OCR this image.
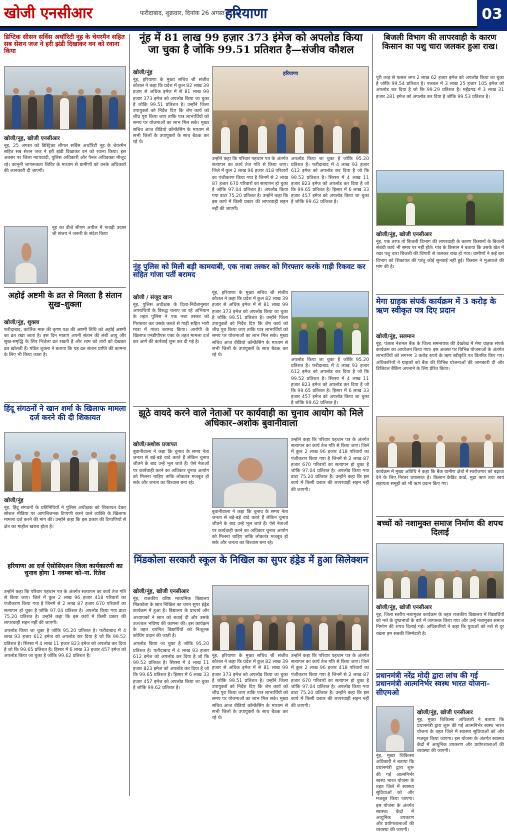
खोजी एनसीआर	फरीदाबाद, शुक्रवार, दिनांक 26 अगस्त 2021
हरियाणा	03
डिप्टिक सीसन सर्विस अथॉरिटी नूह के चेयरमैन सहित सब सेशन जज ने हरी झंडी दिखाकर वन को रवाना किया
खोजी/नूह, खोजी एनसीआर
नूह, 25 अगस्त को डिस्ट्रिक्ट लीगल सर्विस अथॉरिटी नूह के चेयरमैन सहित सब सेशन जज ने हरी झंडी दिखाकर वन को रवाना किया। इस अवसर पर जिला न्यायवादी, पुलिस अधिकारी और पैनल अधिवक्ता मौजूद रहे। कानूनी जागरूकता शिविर के माध्यम से ग्रामीणों को उनके अधिकारों की जानकारी दी जाएगी।
नूह का डीजे सीएम अपील मैं गावड़ी उदास श्री संजय ने जरूरी के संदेश किया
अहोई अष्टमी के व्रत से मिलता है संतान सुख–शुक्ला
खोजी/नूंह, शुक्ला
फरीदाबाद, कार्तिक मास की कृष्ण पक्ष की अष्टमी तिथि को अहोई अष्टमी का व्रत रखा जाता है। इस दिन माताएं अपनी संतान की लंबी आयु और सुख-समृद्धि के लिए निर्जला व्रत रखती हैं और शाम को तारों को देखकर व्रत खोलती हैं। पंडित शुक्ला ने बताया कि यह व्रत संतान प्राप्ति की कामना के लिए भी किया जाता है।
हिंदू संगठनों ने खान शर्मा के खिलाफ मामला दर्ज करने की दी शिकायत
खोजी/नूंह
नूंह, हिंदू संगठनों के प्रतिनिधियों ने पुलिस अधीक्षक को शिकायत देकर सोशल मीडिया पर आपत्तिजनक टिप्पणी करने वाले व्यक्ति के खिलाफ मामला दर्ज करने की मांग की। उन्होंने कहा कि इस प्रकार की टिप्पणियों से क्षेत्र का माहौल खराब होता है।
हरियाणा आ दर्ज ऐसोसिएशन जिला कार्यकारणी का चुनाव होगा 1 नवम्बर को–ना. रितेश
उन्होंने कहा कि परिवार पहचान पत्र के अंतर्गत सत्यापन का कार्य तेज गति से किया जाए। जिले में कुल 2 लाख 96 हजार 418 परिवारों का पंजीकरण किया गया है जिनमें से 2 लाख 87 हजार 670 परिवारों का सत्यापन हो चुका है जोकि 97.04 प्रतिशत है। अपलोड किया गया डाटा 75.20 प्रतिशत है। उन्होंने कहा कि इस कार्य में किसी प्रकार की लापरवाही सहन नहीं की जाएगी।
अपलोड किया जा चुका है जोकि 95.20 प्रतिशत है। फरीदाबाद में 4 लाख 93 हजार 612 इमेज को अपलोड कर दिया है जो कि 99.52 प्रतिशत है। सिरसा में 4 लाख 11 हजार 823 इमेज को अपलोड कर दिया है जो कि 99.65 प्रतिशत है। हिसार में 6 लाख 33 हजार 457 इमेज को अपलोड किया जा चुका है जोकि 99.62 प्रतिशत है।
नूंह में 81 लाख 99 हज़ार 373 इंमेज को अपलोड किया जा चुका है जोकि 99.51 प्रतिशत है—संजीव कौशल
खोजी/नूंह
नूंह, हरियाणा के मुख्य सचिव श्री संजीव कौशल ने कहा कि प्रदेश में कुल 82 लाख 39 हजार से अधिक इमेज में से 81 लाख 99 हजार 373 इमेज को अपलोड किया जा चुका है जोकि 99.51 प्रतिशत है। उन्होंने जिला उपायुक्तों को निर्देश दिए कि शेष कार्य को शीघ्र पूरा किया जाए ताकि पात्र लाभार्थियों को समय पर योजनाओं का लाभ मिल सके। मुख्य सचिव आज वीडियो कॉन्फ्रेंसिंग के माध्यम से सभी जिलों के उपायुक्तों के साथ बैठक कर रहे थे।
हरियाणा
उन्होंने कहा कि परिवार पहचान पत्र के अंतर्गत सत्यापन का कार्य तेज गति से किया जाए। जिले में कुल 2 लाख 96 हजार 418 परिवारों का पंजीकरण किया गया है जिनमें से 2 लाख 87 हजार 670 परिवारों का सत्यापन हो चुका है जोकि 97.04 प्रतिशत है। अपलोड किया गया डाटा 75.20 प्रतिशत है। उन्होंने कहा कि इस कार्य में किसी प्रकार की लापरवाही सहन नहीं की जाएगी।
अपलोड किया जा चुका है जोकि 95.20 प्रतिशत है। फरीदाबाद में 4 लाख 93 हजार 612 इमेज को अपलोड कर दिया है जो कि 99.52 प्रतिशत है। सिरसा में 4 लाख 11 हजार 823 इमेज को अपलोड कर दिया है जो कि 99.65 प्रतिशत है। हिसार में 6 लाख 33 हजार 457 इमेज को अपलोड किया जा चुका है जोकि 99.62 प्रतिशत है।
नूंह पुलिस को मिली बड़ी कामयाबी, एक नाबा तस्कर को गिरफ्तार करके गाड़ी रिकवट कर सहित गांजा पर्ती बरामद
खोजी / संजूद खान
नूंह, पुलिस अधीक्षक के दिशा-निर्देशानुसार अपराधियों के विरुद्ध चलाए जा रहे अभियान के तहत पुलिस ने एक नशा तस्कर को गिरफ्तार कर उसके कब्जे से गाड़ी सहित भारी मात्रा में गांजा बरामद किया। आरोपी के खिलाफ एनडीपीएस एक्ट के तहत मामला दर्ज कर आगे की कार्रवाई शुरू कर दी गई है।
नूंह, हरियाणा के मुख्य सचिव श्री संजीव कौशल ने कहा कि प्रदेश में कुल 82 लाख 39 हजार से अधिक इमेज में से 81 लाख 99 हजार 373 इमेज को अपलोड किया जा चुका है जोकि 99.51 प्रतिशत है। उन्होंने जिला उपायुक्तों को निर्देश दिए कि शेष कार्य को शीघ्र पूरा किया जाए ताकि पात्र लाभार्थियों को समय पर योजनाओं का लाभ मिल सके। मुख्य सचिव आज वीडियो कॉन्फ्रेंसिंग के माध्यम से सभी जिलों के उपायुक्तों के साथ बैठक कर रहे थे।
अपलोड किया जा चुका है जोकि 95.20 प्रतिशत है। फरीदाबाद में 4 लाख 93 हजार 612 इमेज को अपलोड कर दिया है जो कि 99.52 प्रतिशत है। सिरसा में 4 लाख 11 हजार 823 इमेज को अपलोड कर दिया है जो कि 99.65 प्रतिशत है। हिसार में 6 लाख 33 हजार 457 इमेज को अपलोड किया जा चुका है जोकि 99.62 प्रतिशत है।
झूठे वायदे करने वाले नेताओं पर कार्यवाही का चुनाव आयोग को मिले अधिकार–अशोक बुवानीवाला
खोजी/अशोक प्रजापत
बुवानीवाला ने कहा कि चुनाव के समय नेता जनता से बड़े-बड़े वादे करते हैं लेकिन चुनाव जीतने के बाद उन्हें भूल जाते हैं। ऐसे नेताओं पर कार्यवाही करने का अधिकार चुनाव आयोग को मिलना चाहिए ताकि लोकतंत्र मजबूत हो सके और जनता का विश्वास बना रहे।
बुवानीवाला ने कहा कि चुनाव के समय नेता जनता से बड़े-बड़े वादे करते हैं लेकिन चुनाव जीतने के बाद उन्हें भूल जाते हैं। ऐसे नेताओं पर कार्यवाही करने का अधिकार चुनाव आयोग को मिलना चाहिए ताकि लोकतंत्र मजबूत हो सके और जनता का विश्वास बना रहे।
उन्होंने कहा कि परिवार पहचान पत्र के अंतर्गत सत्यापन का कार्य तेज गति से किया जाए। जिले में कुल 2 लाख 96 हजार 418 परिवारों का पंजीकरण किया गया है जिनमें से 2 लाख 87 हजार 670 परिवारों का सत्यापन हो चुका है जोकि 97.04 प्रतिशत है। अपलोड किया गया डाटा 75.20 प्रतिशत है। उन्होंने कहा कि इस कार्य में किसी प्रकार की लापरवाही सहन नहीं की जाएगी।
मिंडकोला सरकारी स्कूल के निखिल का सुपर हंड्रेड में हुआ सिलेक्शन
खोजी/नूंह, खोजी एनसीआर
नूंह, राजकीय वरिष्ठ माध्यमिक विद्यालय मिंडकोला के छात्र निखिल का चयन सुपर हंड्रेड कार्यक्रम में हुआ है। विद्यालय के प्राचार्य और अध्यापकों ने छात्र को बधाई दी और उसके उज्ज्वल भविष्य की कामना की। इस कार्यक्रम के तहत चयनित विद्यार्थियों को निःशुल्क कोचिंग प्रदान की जाती है।
अपलोड किया जा चुका है जोकि 95.20 प्रतिशत है। फरीदाबाद में 4 लाख 93 हजार 612 इमेज को अपलोड कर दिया है जो कि 99.52 प्रतिशत है। सिरसा में 4 लाख 11 हजार 823 इमेज को अपलोड कर दिया है जो कि 99.65 प्रतिशत है। हिसार में 6 लाख 33 हजार 457 इमेज को अपलोड किया जा चुका है जोकि 99.62 प्रतिशत है।
नूंह, हरियाणा के मुख्य सचिव श्री संजीव कौशल ने कहा कि प्रदेश में कुल 82 लाख 39 हजार से अधिक इमेज में से 81 लाख 99 हजार 373 इमेज को अपलोड किया जा चुका है जोकि 99.51 प्रतिशत है। उन्होंने जिला उपायुक्तों को निर्देश दिए कि शेष कार्य को शीघ्र पूरा किया जाए ताकि पात्र लाभार्थियों को समय पर योजनाओं का लाभ मिल सके। मुख्य सचिव आज वीडियो कॉन्फ्रेंसिंग के माध्यम से सभी जिलों के उपायुक्तों के साथ बैठक कर रहे थे।
उन्होंने कहा कि परिवार पहचान पत्र के अंतर्गत सत्यापन का कार्य तेज गति से किया जाए। जिले में कुल 2 लाख 96 हजार 418 परिवारों का पंजीकरण किया गया है जिनमें से 2 लाख 87 हजार 670 परिवारों का सत्यापन हो चुका है जोकि 97.04 प्रतिशत है। अपलोड किया गया डाटा 75.20 प्रतिशत है। उन्होंने कहा कि इस कार्य में किसी प्रकार की लापरवाही सहन नहीं की जाएगी।
बिजली विभाग की लापरवाही के कारण किसान का पशु चारा जलकर हुआ राख।
पूरी तरह से फसल लगा 2 लाख 62 हजार इमेज को अपलोड किया जा चुका है जोकि 99.54 प्रतिशत है। पलवल में 3 लाख 25 हजार 105 इमेज को अपलोड कर दिया है जो कि 99.29 प्रतिशत है। महेंद्रगढ़ में 3 लाख 31 हजार 281 इमेज को अपलोड कर दिया है जोकि 99.53 प्रतिशत है।
खोजी/नूंह, खोजी एनसीआर
नूंह, एक तरफ तो बिजली विभाग की लापरवाही के कारण किसानों के बिजली संबंधी कार्य भी समय पर नहीं होते। गांव के किसान ने बताया कि उसके खेत में रखा पशु चारा बिजली की चिंगारी से जलकर राख हो गया। ग्रामीणों ने कई बार विभाग को शिकायत की परंतु कोई सुनवाई नहीं हुई। किसान ने मुआवजे की मांग की है।
मेगा ग्राहक संपर्क कार्यक्रम में 3 करोड़ के ऋण स्वीकृत पत्र दिए प्रदान
खोजी/नूंह, सलमान
नूंह, पंजाब नेशनल बैंक के जिला समन्वयक की देखरेख में मेगा ग्राहक संपर्क कार्यक्रम का आयोजन किया गया। इस अवसर पर विभिन्न योजनाओं के अंतर्गत लाभार्थियों को लगभग 3 करोड़ रुपये के ऋण स्वीकृति पत्र वितरित किए गए। अधिकारियों ने ग्राहकों को बैंक की विभिन्न योजनाओं की जानकारी दी और डिजिटल बैंकिंग अपनाने के लिए प्रेरित किया।
कार्यक्रम में मुख्य अतिथि ने कहा कि बैंक ग्रामीण क्षेत्रों में स्वरोजगार को बढ़ावा देने के लिए निरंतर प्रयासरत है। किसान क्रेडिट कार्ड, मुद्रा ऋण तथा स्वयं सहायता समूहों को भी ऋण प्रदान किए गए।
बच्चों को नशामुक्त समाज निर्माण की शपथ दिलाई
खोजी/नूंह, खोजी एनसीआर
नूंह, जिला स्तरीय नशामुक्त कार्यक्रम के तहत राजकीय विद्यालय में विद्यार्थियों को नशे के दुष्प्रभावों के बारे में जागरूक किया गया और उन्हें नशामुक्त समाज निर्माण की शपथ दिलाई गई। अधिकारियों ने कहा कि युवाओं को नशे से दूर रखना हम सबकी जिम्मेदारी है।
प्रधानमंत्री नरेंद्र मोदी द्वारा लांच की गई प्रधानमंत्री आत्मनिर्भर स्वस्थ भारत योजना–सीएमओ
खोजी/नूंह, खोजी एनसीआर
नूंह, मुख्य चिकित्सा अधिकारी ने बताया कि प्रधानमंत्री द्वारा शुरू की गई आत्मनिर्भर स्वस्थ भारत योजना के तहत जिले में स्वास्थ्य सुविधाओं को और मजबूत किया जाएगा। इस योजना के अंतर्गत स्वास्थ्य केंद्रों में आधुनिक उपकरण और प्रयोगशालाओं की व्यवस्था की जाएगी।
नूंह, मुख्य चिकित्सा अधिकारी ने बताया कि प्रधानमंत्री द्वारा शुरू की गई आत्मनिर्भर स्वस्थ भारत योजना के तहत जिले में स्वास्थ्य सुविधाओं को और मजबूत किया जाएगा। इस योजना के अंतर्गत स्वास्थ्य केंद्रों में आधुनिक उपकरण और प्रयोगशालाओं की व्यवस्था की जाएगी।
